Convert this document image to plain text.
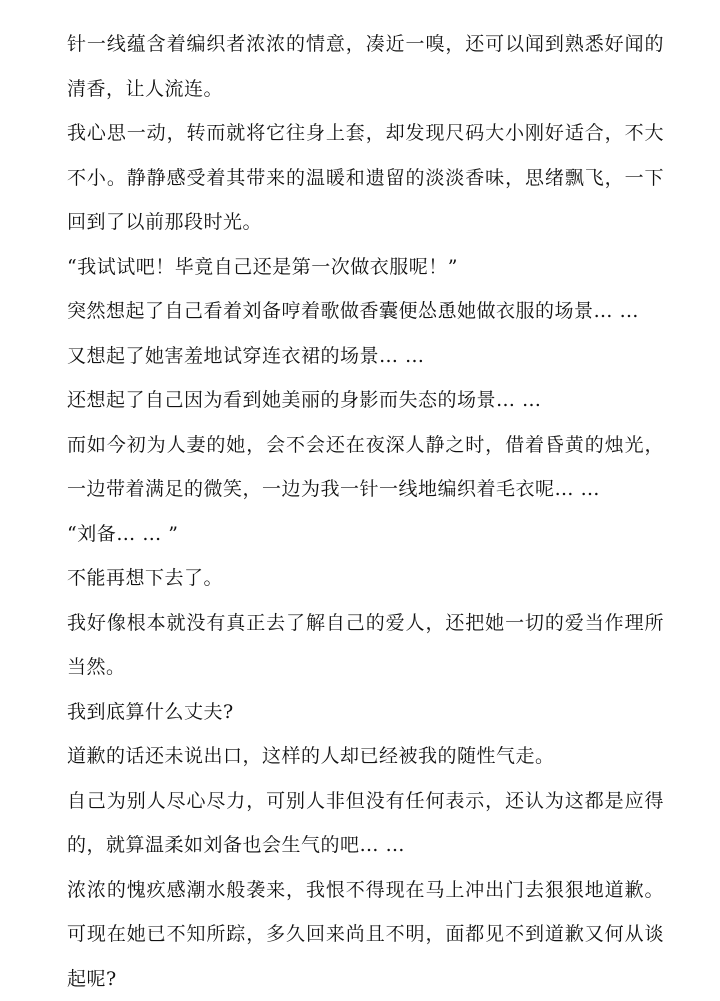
针一线蕴含着编织者浓浓的情意，凑近一嗅，还可以闻到熟悉好闻的清香，让人流连。

我心思一动，转而就将它往身上套，却发现尺码大小刚好适合，不大不小。静静感受着其带来的温暖和遗留的淡淡香味，思绪飘飞，一下回到了以前那段时光。

“我试试吧！毕竟自己还是第一次做衣服呢！”

突然想起了自己看着刘备哼着歌做香囊便怂恿她做衣服的场景… …

又想起了她害羞地试穿连衣裙的场景… …

还想起了自己因为看到她美丽的身影而失态的场景… …

而如今初为人妻的她，会不会还在夜深人静之时，借着昏黄的烛光，一边带着满足的微笑，一边为我一针一线地编织着毛衣呢… …

“刘备… … ”

不能再想下去了。

我好像根本就没有真正去了解自己的爱人，还把她一切的爱当作理所当然。

我到底算什么丈夫?

道歉的话还未说出口，这样的人却已经被我的随性气走。

自己为别人尽心尽力，可别人非但没有任何表示，还认为这都是应得的，就算温柔如刘备也会生气的吧… …

浓浓的愧疚感潮水般袭来，我恨不得现在马上冲出门去狠狠地道歉。可现在她已不知所踪，多久回来尚且不明，面都见不到道歉又何从谈起呢?
